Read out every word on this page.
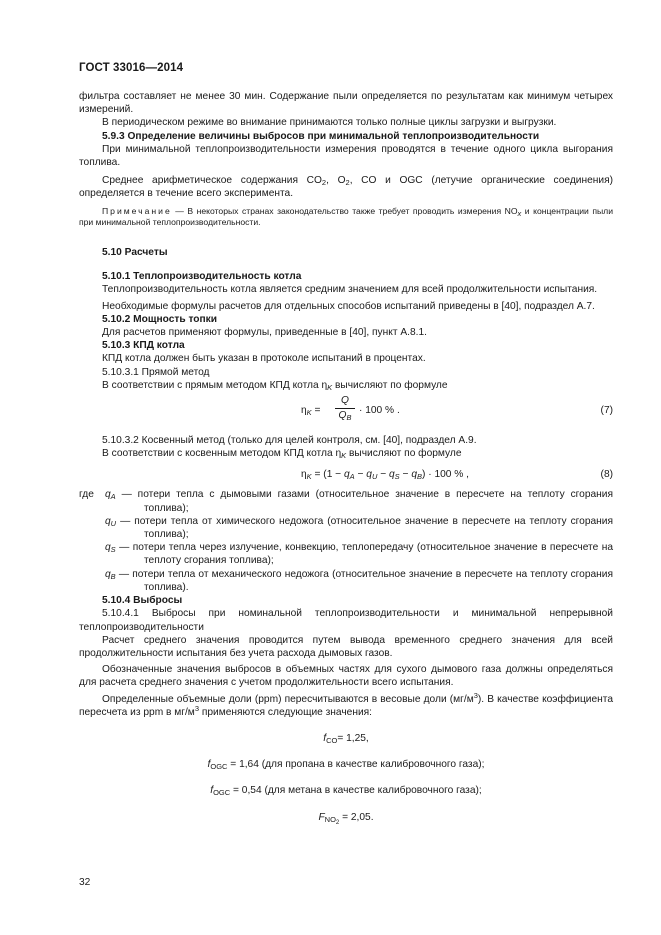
ГОСТ 33016—2014

фильтра составляет не менее 30 мин. Содержание пыли определяется по результатам как минимум четырех измерений.

В периодическом режиме во внимание принимаются только полные циклы загрузки и выгрузки.

5.9.3 Определение величины выбросов при минимальной теплопроизводительности

При минимальной теплопроизводительности измерения проводятся в течение одного цикла выгорания топлива.

Среднее арифметическое содержания $CO_2$, $O_2$, CO и OGC (летучие органические соединения) определяется в течение всего эксперимента.

Примечание — В некоторых странах законодательство также требует проводить измерения $NO_x$ и концентрации пыли при минимальной теплопроизводительности.

5.10 Расчеты

5.10.1 Теплопроизводительность котла

Теплопроизводительность котла является средним значением для всей продолжительности испытания.

Необходимые формулы расчетов для отдельных способов испытаний приведены в [40], подраздел А.7.

5.10.2 Мощность топки

Для расчетов применяют формулы, приведенные в [40], пункт А.8.1.

5.10.3 КПД котла

КПД котла должен быть указан в протоколе испытаний в процентах.

5.10.3.1 Прямой метод

В соответствии с прямым методом КПД котла $\eta_K$ вычисляют по формуле

$\eta_K$ =
Q
$Q_B$
· 100 % .	(7)

5.10.3.2 Косвенный метод (только для целей контроля, см. [40], подраздел А.9.

В соответствии с косвенным методом КПД котла $\eta_K$ вычисляют по формуле

$\eta_K = (1 - q_A - q_U - q_S - q_B) \cdot 100$ % ,	(8)
где	$q_A$ — потери тепла с дымовыми газами (относительное значение в пересчете на теплоту сгорания топлива);

$q_U$ — потери тепла от химического недожога (относительное значение в пересчете на теплоту сгорания топлива);

$q_S$ — потери тепла через излучение, конвекцию, теплопередачу (относительное значение в пересчете на теплоту сгорания топлива);

$q_B$ — потери тепла от механического недожога (относительное значение в пересчете на теплоту сгорания топлива).

5.10.4 Выбросы

5.10.4.1 Выбросы при номинальной теплопроизводительности и минимальной непрерывной теплопроизводительности

Расчет среднего значения проводится путем вывода временного среднего значения для всей продолжительности испытания без учета расхода дымовых газов.

Обозначенные значения выбросов в объемных частях для сухого дымового газа должны определяться для расчета среднего значения с учетом продолжительности всего испытания.

Определенные объемные доли (ppm) пересчитываются в весовые доли $(мг/м^3)$. В качестве коэффициента пересчета из ppm в $мг/м^3$ применяются следующие значения:

$f_{CO}= 1,25$,

$f_{OGC} = 1,64$ (для пропана в качестве калибровочного газа);

$f_{OGC} = 0,54$ (для метана в качестве калибровочного газа);

$F_{NO_2} = 2,05$.

32
